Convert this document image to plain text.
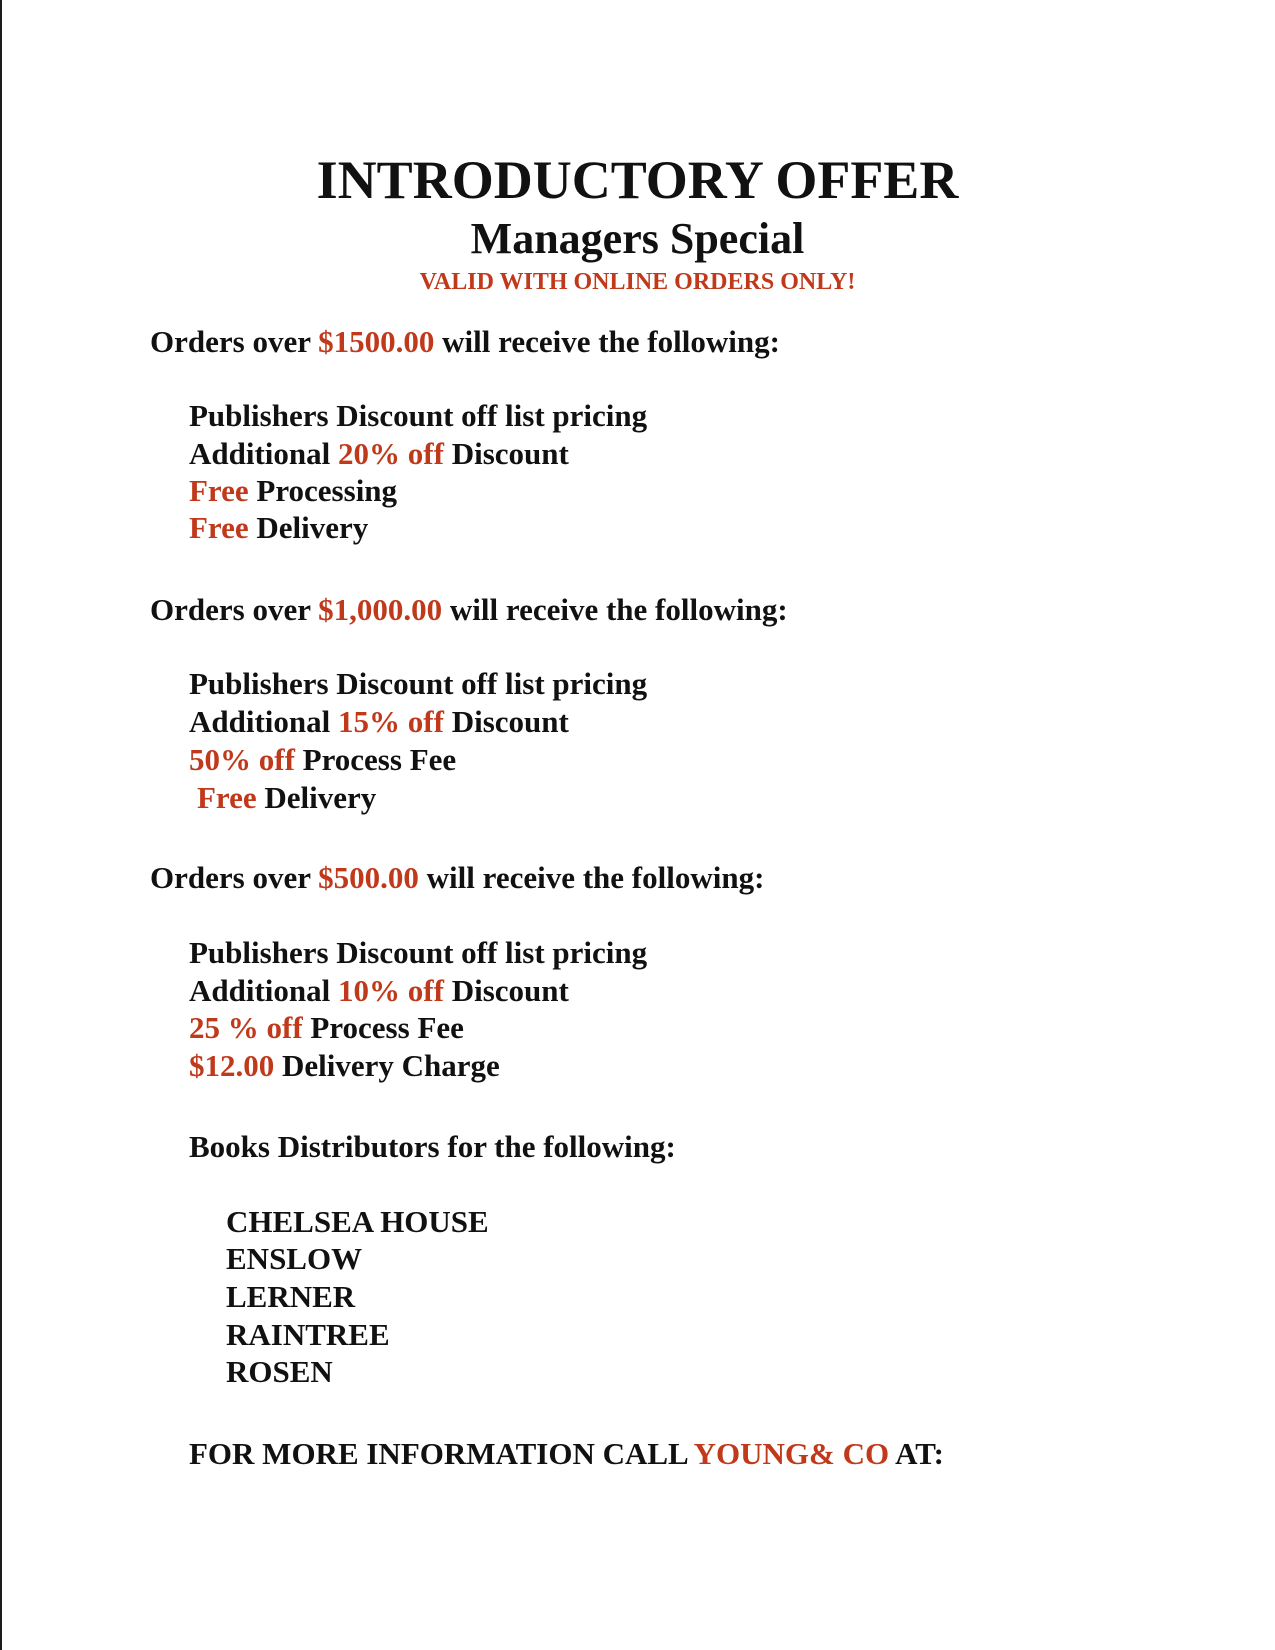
INTRODUCTORY OFFER
Managers Special
VALID WITH ONLINE ORDERS ONLY!
Orders over $1500.00 will receive the following:
Publishers Discount off list pricing
Additional 20% off Discount
Free Processing
Free Delivery
Orders over $1,000.00 will receive the following:
Publishers Discount off list pricing
Additional 15% off Discount
50% off Process Fee
Free Delivery
Orders over $500.00 will receive the following:
Publishers Discount off list pricing
Additional 10% off Discount
25 % off Process Fee
$12.00 Delivery Charge
Books Distributors for the following:
CHELSEA HOUSE
ENSLOW
LERNER
RAINTREE
ROSEN
FOR MORE INFORMATION CALL YOUNG& CO AT:
